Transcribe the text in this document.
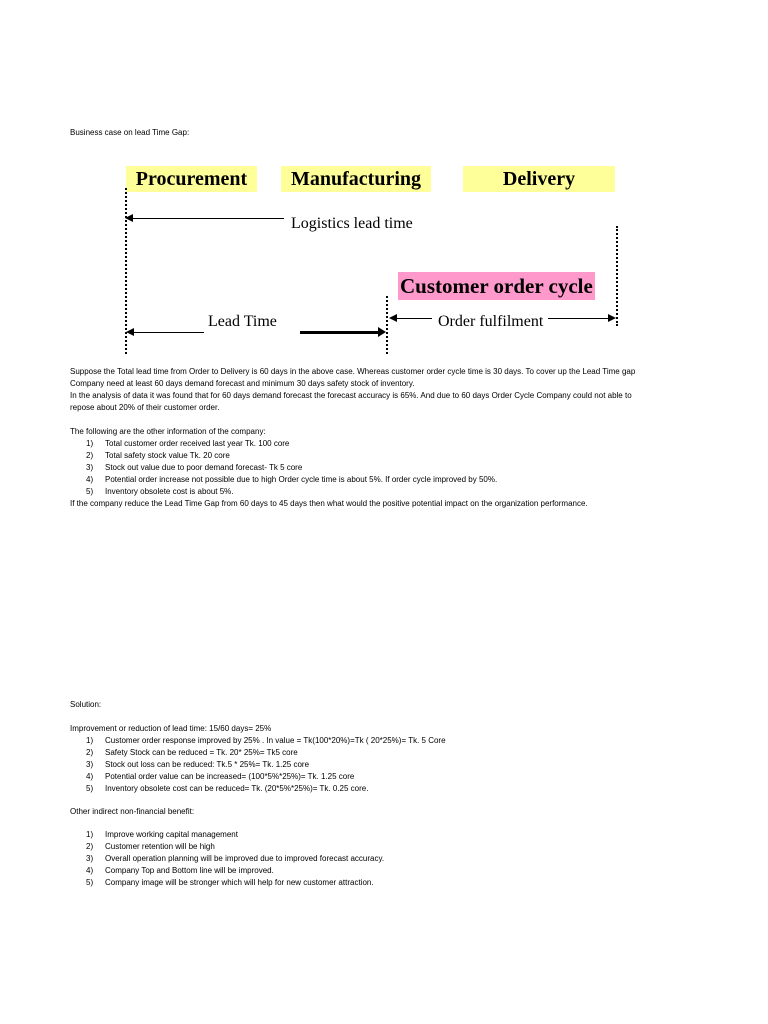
Business case on lead Time Gap:
Procurement	Manufacturing	Delivery
Logistics lead time
Customer order cycle
Lead Time	Order fulfilment
Suppose the Total lead time from Order to Delivery is 60 days in the above case. Whereas customer order cycle time is 30 days. To cover up the Lead Time gap
Company need at least 60 days demand forecast and minimum 30 days safety stock of inventory.
In the analysis of data it was found that for 60 days demand forecast the forecast accuracy is 65%. And due to 60 days Order Cycle Company could not able to
repose about 20% of their customer order.
The following are the other information of the company:
1) Total customer order received last year Tk. 100 core
2) Total safety stock value Tk. 20 core
3) Stock out value due to poor demand forecast- Tk 5 core
4) Potential order increase not possible due to high Order cycle time is about 5%. If order cycle improved by 50%.
5) Inventory obsolete cost is about 5%.
If the company reduce the Lead Time Gap from 60 days to 45 days then what would the positive potential impact on the organization performance.
Solution:
Improvement or reduction of lead time: 15/60 days= 25%
1) Customer order response improved by 25% . In value = Tk(100*20%)=Tk ( 20*25%)= Tk. 5 Core
2) Safety Stock can be reduced = Tk. 20* 25%= Tk5 core
3) Stock out loss can be reduced: Tk.5 * 25%= Tk. 1.25 core
4) Potential order value can be increased= (100*5%*25%)= Tk. 1.25 core
5) Inventory obsolete cost can be reduced= Tk. (20*5%*25%)= Tk. 0.25 core.
Other indirect non-financial benefit:
1) Improve working capital management
2) Customer retention will be high
3) Overall operation planning will be improved due to improved forecast accuracy.
4) Company Top and Bottom line will be improved.
5) Company image will be stronger which will help for new customer attraction.
